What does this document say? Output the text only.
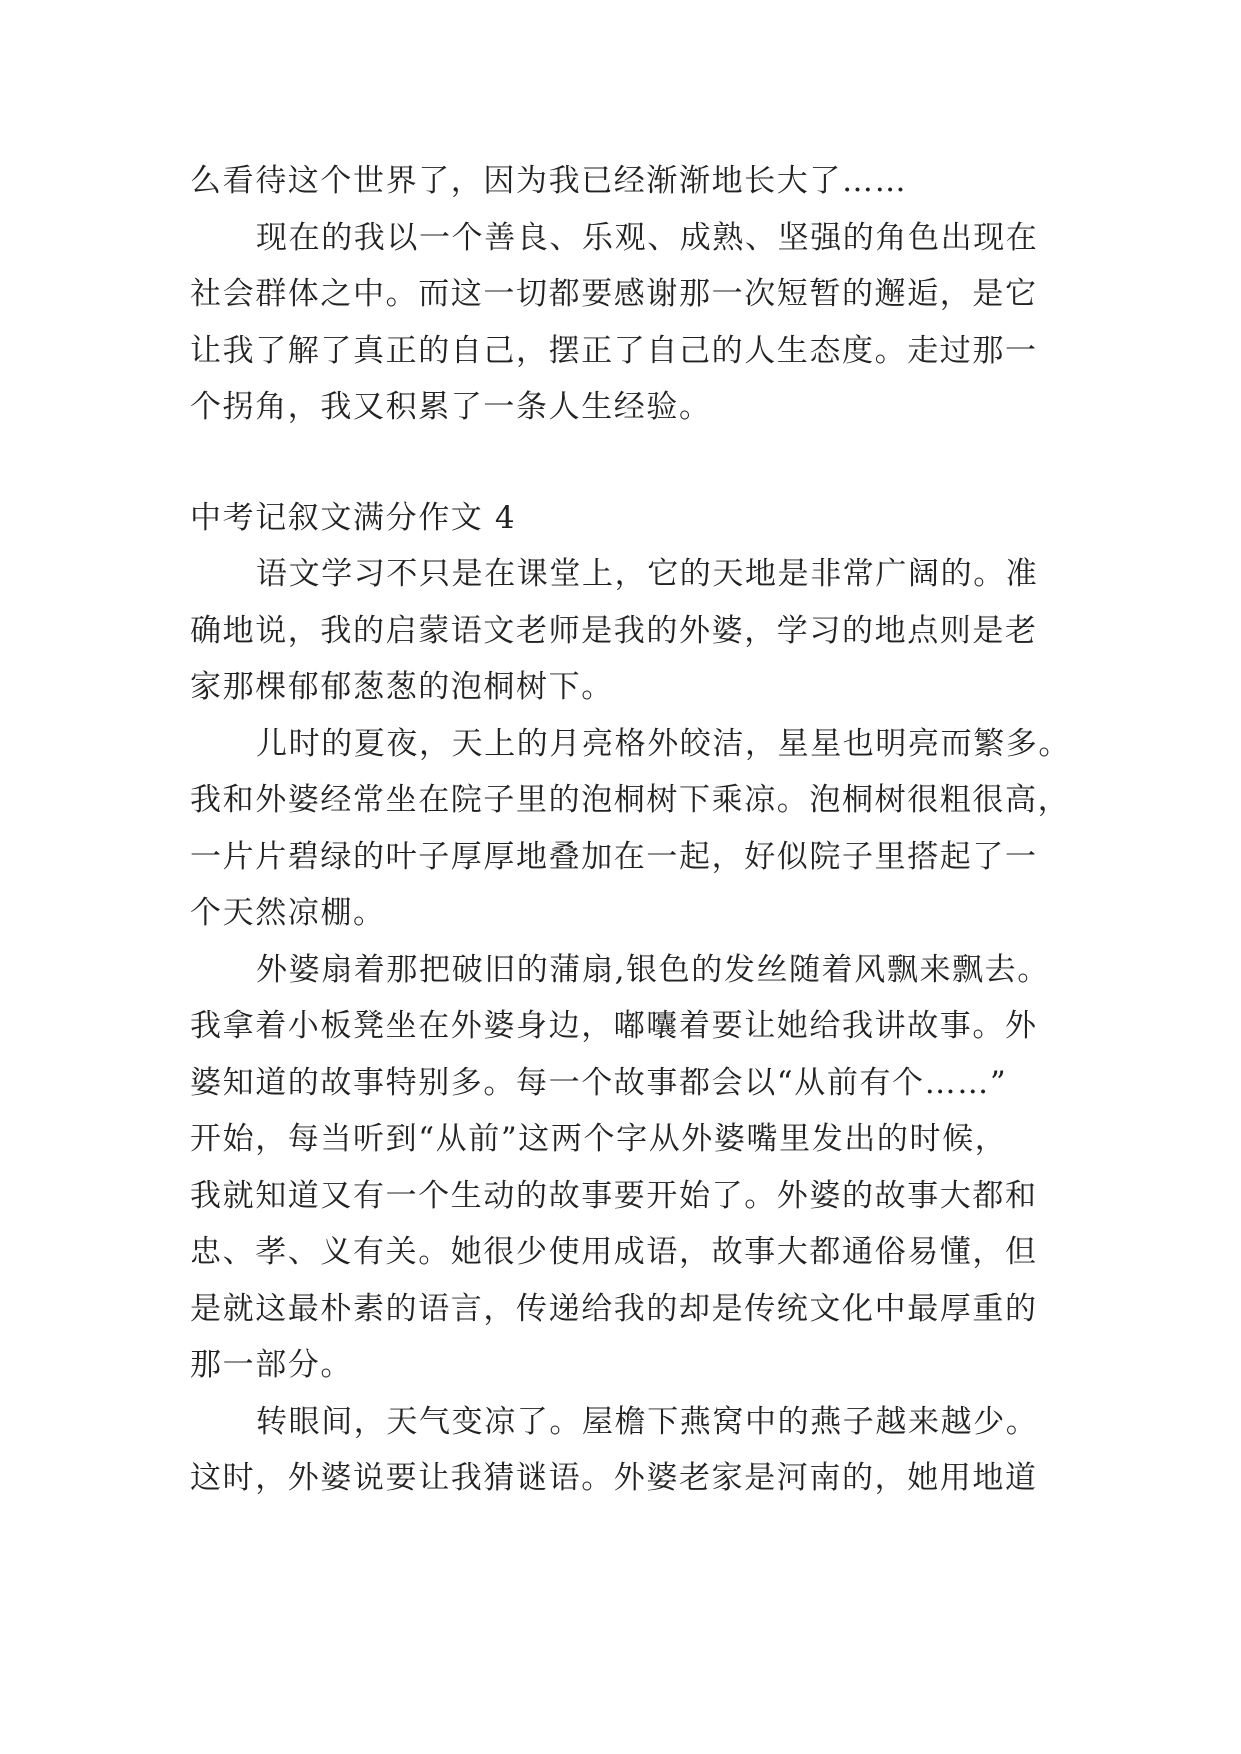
么看待这个世界了，因为我已经渐渐地长大了……
现在的我以一个善良、乐观、成熟、坚强的角色出现在
社会群体之中。而这一切都要感谢那一次短暂的邂逅，是它
让我了解了真正的自己，摆正了自己的人生态度。走过那一
个拐角，我又积累了一条人生经验。
中考记叙文满分作文 4
语文学习不只是在课堂上，它的天地是非常广阔的。准
确地说，我的启蒙语文老师是我的外婆，学习的地点则是老
家那棵郁郁葱葱的泡桐树下。
儿时的夏夜，天上的月亮格外皎洁，星星也明亮而繁多。
我和外婆经常坐在院子里的泡桐树下乘凉。泡桐树很粗很高，
一片片碧绿的叶子厚厚地叠加在一起，好似院子里搭起了一
个天然凉棚。
外婆扇着那把破旧的蒲扇,银色的发丝随着风飘来飘去。
我拿着小板凳坐在外婆身边，嘟囔着要让她给我讲故事。外
婆知道的故事特别多。每一个故事都会以“从前有个……”
开始，每当听到“从前”这两个字从外婆嘴里发出的时候，
我就知道又有一个生动的故事要开始了。外婆的故事大都和
忠、孝、义有关。她很少使用成语，故事大都通俗易懂，但
是就这最朴素的语言，传递给我的却是传统文化中最厚重的
那一部分。
转眼间，天气变凉了。屋檐下燕窝中的燕子越来越少。
这时，外婆说要让我猜谜语。外婆老家是河南的，她用地道
